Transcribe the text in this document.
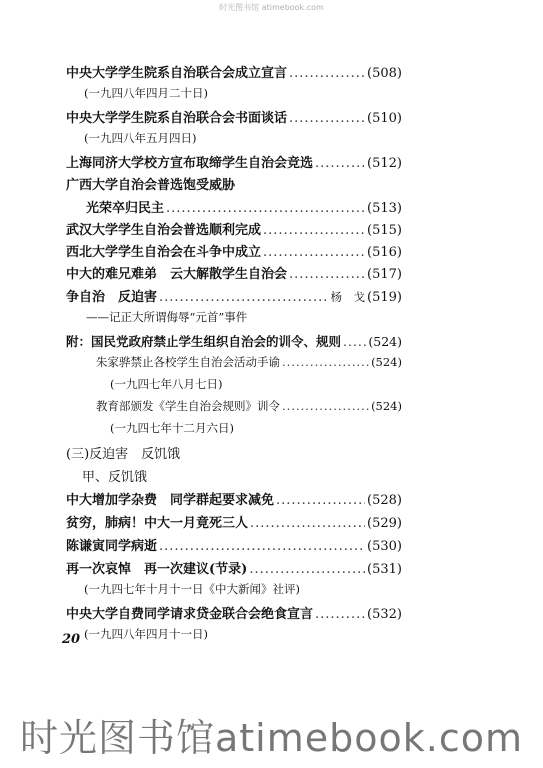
时光图书馆 atimebook.com
中央大学学生院系自治联合会成立宣言 .....	(508)
(一九四八年四月二十日)
中央大学学生院系自治联合会书面谈话 .....	(510)
(一九四八年五月四日)
上海同济大学校方宣布取缔学生自治会竞选 .....	(512)
广西大学自治会普选饱受威胁
光荣卒归民主 .....	(513)
武汉大学学生自治会普选顺利完成 .....	(515)
西北大学学生自治会在斗争中成立 .....	(516)
中大的难兄难弟　云大解散学生自治会 .....	(517)
争自治　反迫害 .....	杨　戈 (519)
——记正大所谓侮辱“元首”事件
附：国民党政府禁止学生组织自治会的训令、规则 ..... (524)
朱家骅禁止各校学生自治会活动手谕 .....	(524)
(一九四七年八月七日)
教育部颁发《学生自治会规则》训令 .....	(524)
(一九四七年十二月六日)
(三)反迫害　反饥饿
甲、反饥饿
中大增加学杂费　同学群起要求减免 .....	(528)
贫穷，肺病！中大一月竟死三人 .....	(529)
陈谦寅同学病逝 .....	(530)
再一次哀悼　再一次建议(节录) .....	(531)
(一九四七年十月十一日《中大新闻》社评)
中央大学自费同学请求贷金联合会绝食宣言 .....	(532)
(一九四八年四月十一日)
20
时光图书馆atimebook.com
